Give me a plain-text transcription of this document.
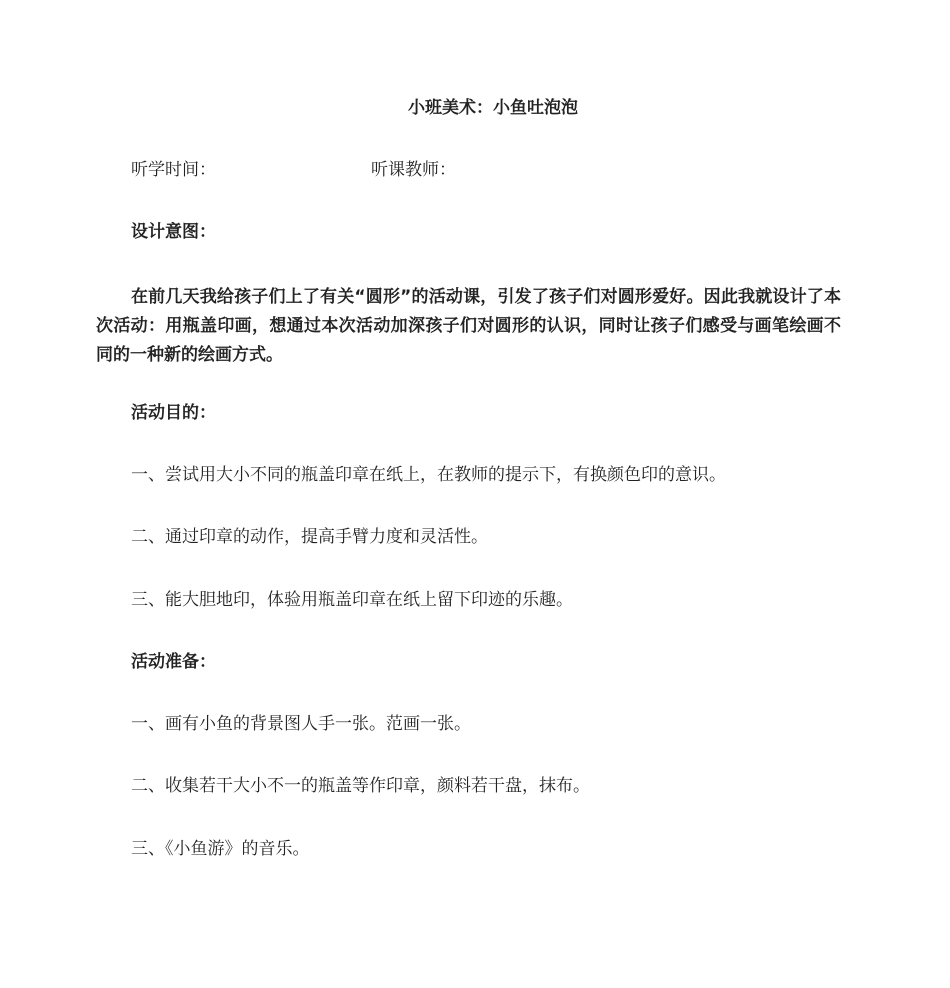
小班美术：小鱼吐泡泡
听学时间：	听课教师：
设计意图：
在前几天我给孩子们上了有关“圆形”的活动课，引发了孩子们对圆形爱好。因此我就设计了本次活动：用瓶盖印画，想通过本次活动加深孩子们对圆形的认识，同时让孩子们感受与画笔绘画不同的一种新的绘画方式。
活动目的：
一、尝试用大小不同的瓶盖印章在纸上，在教师的提示下，有换颜色印的意识。
二、通过印章的动作，提高手臂力度和灵活性。
三、能大胆地印，体验用瓶盖印章在纸上留下印迹的乐趣。
活动准备：
一、画有小鱼的背景图人手一张。范画一张。
二、收集若干大小不一的瓶盖等作印章，颜料若干盘，抹布。
三、《小鱼游》的音乐。
